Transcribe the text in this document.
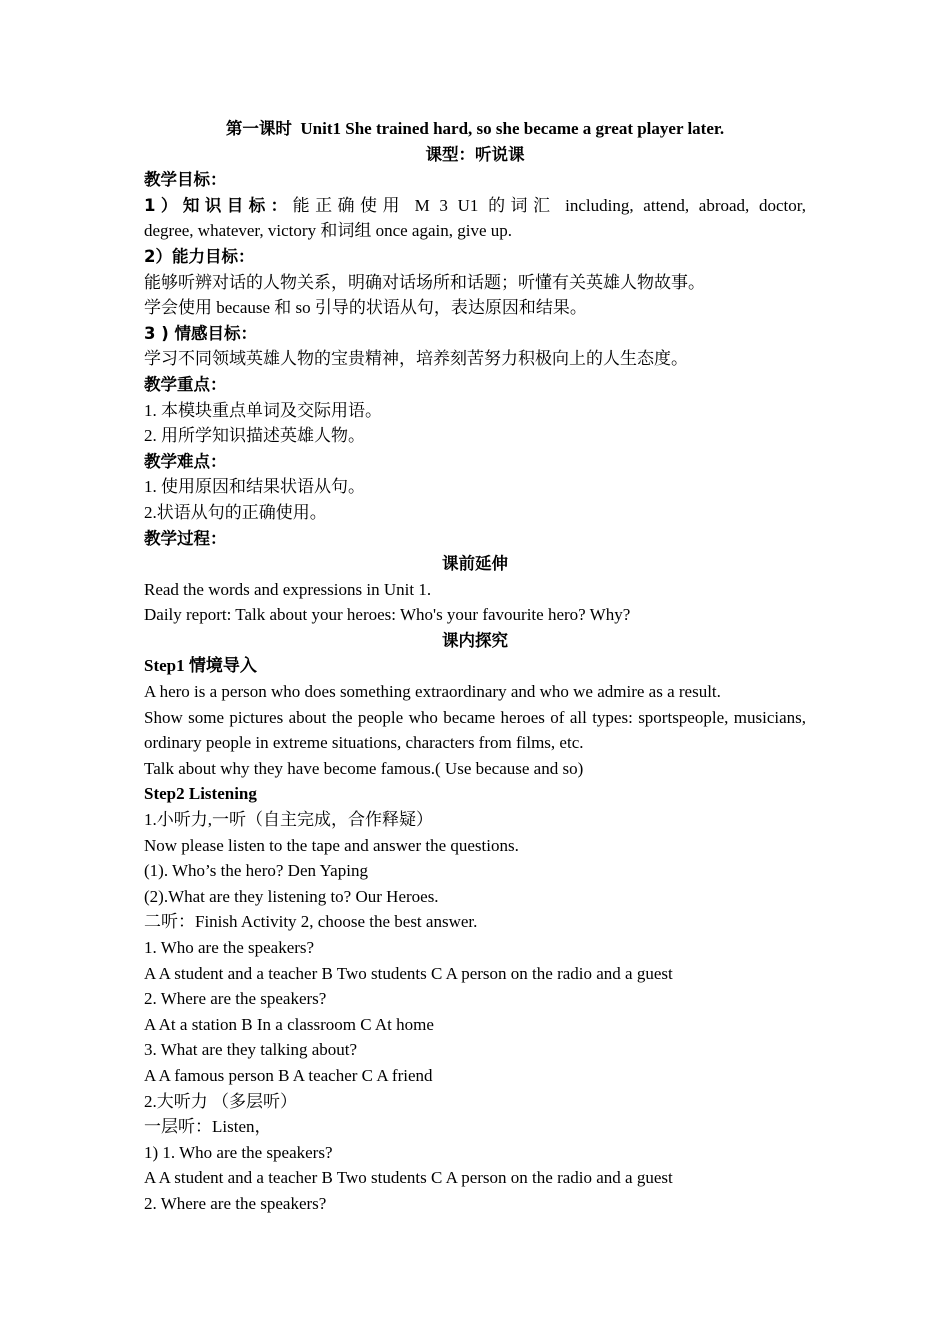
第一课时 Unit1 She trained hard, so she became a great player later.
课型：听说课
教学目标：
1）知识目标：能正确使用 M 3 U1 的词汇 including, attend, abroad, doctor,
degree, whatever, victory 和词组 once again, give up.
2）能力目标：
能够听辨对话的人物关系，明确对话场所和话题；听懂有关英雄人物故事。
学会使用 because 和 so 引导的状语从句，表达原因和结果。
3 ) 情感目标：
学习不同领域英雄人物的宝贵精神，培养刻苦努力积极向上的人生态度。
教学重点：
1. 本模块重点单词及交际用语。
2. 用所学知识描述英雄人物。
教学难点：
1. 使用原因和结果状语从句。
2.状语从句的正确使用。
教学过程：
课前延伸
Read the words and expressions in Unit 1.
Daily report: Talk about your heroes: Who's your favourite hero? Why?
课内探究
Step1 情境导入
A hero is a person who does something extraordinary and who we admire as a result.
Show some pictures about the people who became heroes of all types: sportspeople, musicians, ordinary people in extreme situations, characters from films, etc.
Talk about why they have become famous.( Use because and so)
Step2 Listening
1.小听力,一听（自主完成，合作释疑）
Now please listen to the tape and answer the questions.
(1). Who’s the hero? Den Yaping
(2).What are they listening to? Our Heroes.
二听：Finish Activity 2, choose the best answer.
1. Who are the speakers?
A A student and a teacher B Two students C A person on the radio and a guest
2. Where are the speakers?
A At a station B In a classroom C At home
3. What are they talking about?
A A famous person B A teacher C A friend
2.大听力 （多层听）
一层听：Listen，
1) 1. Who are the speakers?
A A student and a teacher B Two students C A person on the radio and a guest
2. Where are the speakers?
